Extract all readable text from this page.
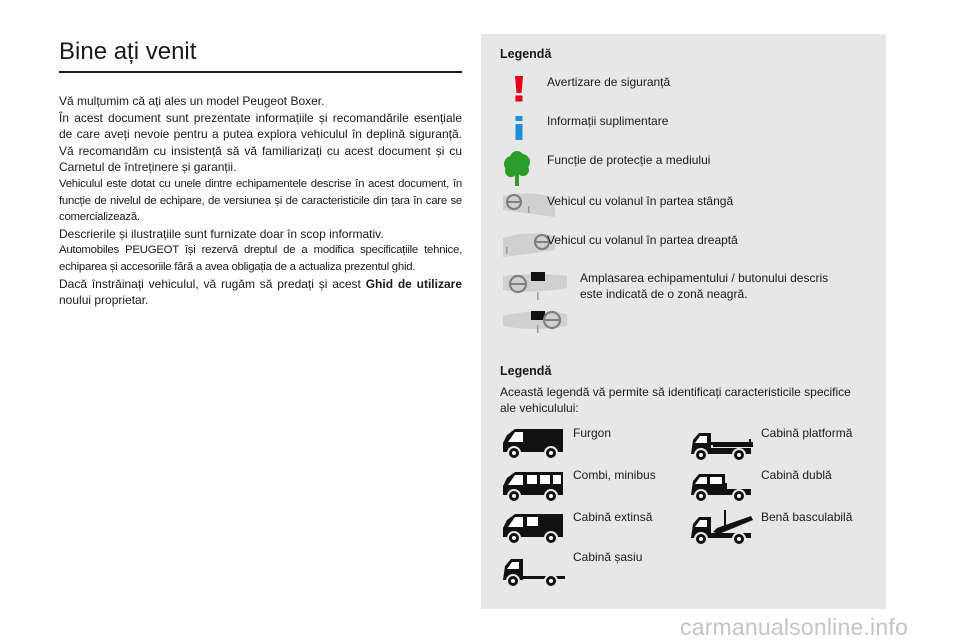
Bine ați venit

Vă mulțumim că ați ales un model Peugeot Boxer.

În acest document sunt prezentate informațiile și recomandările esențiale de care aveți nevoie pentru a putea explora vehiculul în deplină siguranță. Vă recomandăm cu insistență să vă familiarizați cu acest document și cu Carnetul de întreținere și garanții.

Vehiculul este dotat cu unele dintre echipamentele descrise în acest document, în funcție de nivelul de echipare, de versiunea și de caracteristicile din țara în care se comercializează.

Descrierile și ilustrațiile sunt furnizate doar în scop informativ.

Automobiles PEUGEOT își rezervă dreptul de a modifica specificațiile tehnice, echiparea și accesoriile fără a avea obligația de a actualiza prezentul ghid.

Dacă înstrăinați vehiculul, vă rugăm să predați și acest Ghid de utilizare noului proprietar.

Legendă
Avertizare de siguranță
Informații suplimentare
Funcție de protecție a mediului
Vehicul cu volanul în partea stângă
Vehicul cu volanul în partea dreaptă
Amplasarea echipamentului / butonului descris este indicată de o zonă neagră.
Legendă
Această legendă vă permite să identificați caracteristicile specifice ale vehiculului:
Furgon	Cabină platformă
Combi, minibus	Cabină dublă
Cabină extinsă	Benă basculabilă
Cabină șasiu
carmanualsonline.info
